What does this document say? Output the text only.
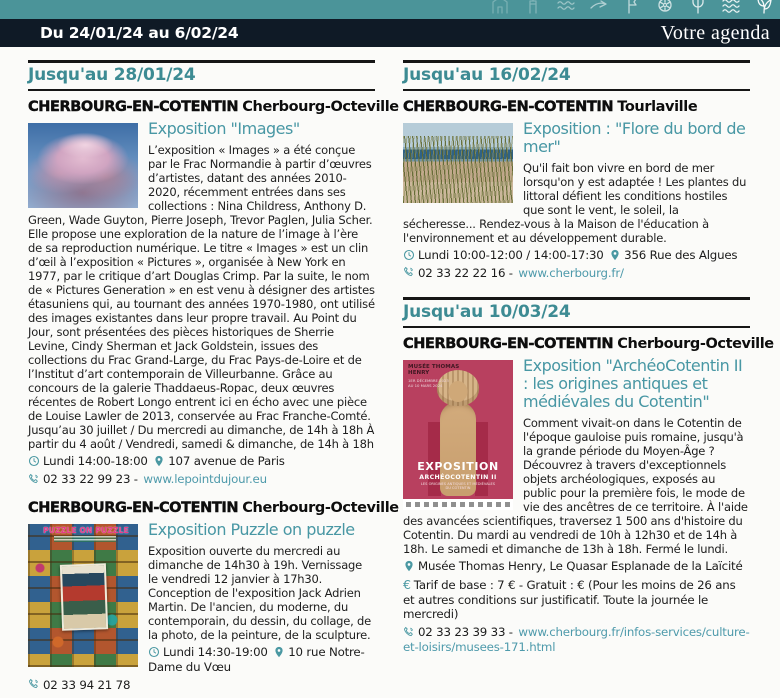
Du 24/01/24 au 6/02/24	Votre agenda
Jusqu'au 28/01/24
CHERBOURG-EN-COTENTIN Cherbourg-Octeville
Exposition "Images"

L’exposition « Images » a été conçue par le Frac Normandie à partir d’œuvres d’artistes, datant des années 2010-2020, récemment entrées dans ses collections : Nina Childress, Anthony D. Green, Wade Guyton, Pierre Joseph, Trevor Paglen, Julia Scher. Elle propose une exploration de la nature de l’image à l’ère de sa reproduction numérique. Le titre « Images » est un clin d’œil à l’exposition « Pictures », organisée à New York en 1977, par le critique d’art Douglas Crimp. Par la suite, le nom de « Pictures Generation » en est venu à désigner des artistes étasuniens qui, au tournant des années 1970-1980, ont utilisé des images existantes dans leur propre travail. Au Point du Jour, sont présentées des pièces historiques de Sherrie Levine, Cindy Sherman et Jack Goldstein, issues des collections du Frac Grand-Large, du Frac Pays-de-Loire et de l’Institut d’art contemporain de Villeurbanne. Grâce au concours de la galerie Thaddaeus-Ropac, deux œuvres récentes de Robert Longo entrent ici en écho avec une pièce de Louise Lawler de 2013, conservée au Frac Franche-Comté. Jusqu’au 30 juillet / Du mercredi au dimanche, de 14h à 18h À partir du 4 août / Vendredi, samedi & dimanche, de 14h à 18h

Lundi 14:00-18:00 107 avenue de Paris

02 33 22 99 23 - www.lepointdujour.eu

CHERBOURG-EN-COTENTIN Cherbourg-Octeville
PUZZLE ON PUZZLE	Exposition Puzzle on puzzle

Exposition ouverte du mercredi au dimanche de 14h30 à 19h. Vernissage le vendredi 12 janvier à 17h30. Conception de l'exposition Jack Adrien Martin. De l'ancien, du moderne, du contemporain, du dessin, du collage, de la photo, de la peinture, de la sculpture.

Lundi 14:30-19:00 10 rue Notre-Dame du Vœu

02 33 94 21 78

Jusqu'au 16/02/24
CHERBOURG-EN-COTENTIN Tourlaville
Exposition : "Flore du bord de mer"

Qu'il fait bon vivre en bord de mer lorsqu'on y est adaptée ! Les plantes du littoral défient les conditions hostiles que sont le vent, le soleil, la sécheresse... Rendez-vous à la Maison de l'éducation à l'environnement et au développement durable.

Lundi 10:00-12:00 / 14:00-17:30 356 Rue des Algues

02 33 22 22 16 - www.cherbourg.fr/

Jusqu'au 10/03/24
CHERBOURG-EN-COTENTIN Cherbourg-Octeville
MUSÉE THOMAS HENRY
1ER DÉCEMBRE 2023 AU 10 MARS 2024
EXPOSITION
ARCHÉOCOTENTIN II
LES ORIGINES ANTIQUES ET MÉDIÉVALES
DU COTENTIN
Exposition "ArchéoCotentin II : les origines antiques et médiévales du Cotentin"

Comment vivait-on dans le Cotentin de l'époque gauloise puis romaine, jusqu'à la grande période du Moyen-Âge ? Découvrez à travers d'exceptionnels objets archéologiques, exposés au public pour la première fois, le mode de vie des ancêtres de ce territoire. À l'aide des avancées scientifiques, traversez 1 500 ans d'histoire du Cotentin. Du mardi au vendredi de 10h à 12h30 et de 14h à 18h. Le samedi et dimanche de 13h à 18h. Fermé le lundi.

Musée Thomas Henry, Le Quasar Esplanade de la Laïcité

€ Tarif de base : 7 € - Gratuit : € (Pour les moins de 26 ans et autres conditions sur justificatif. Toute la journée le mercredi)

02 33 23 39 33 - www.cherbourg.fr/infos-services/culture-et-loisirs/musees-171.html
